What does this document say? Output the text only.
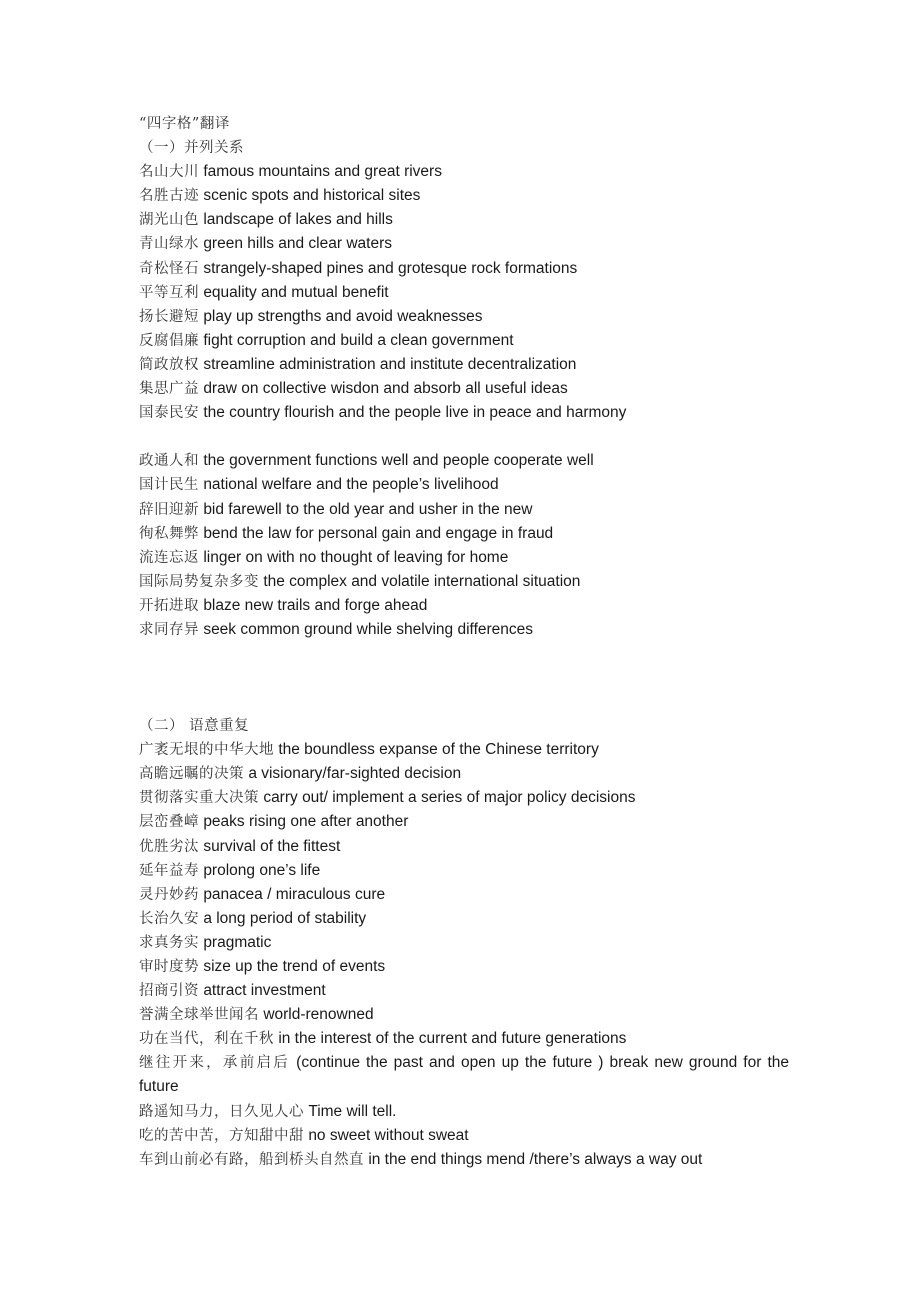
“四字格”翻译
（一）并列关系
名山大川 famous mountains and great rivers
名胜古迹 scenic spots and historical sites
湖光山色 landscape of lakes and hills
青山绿水 green hills and clear waters
奇松怪石 strangely-shaped pines and grotesque rock formations
平等互利 equality and mutual benefit
扬长避短 play up strengths and avoid weaknesses
反腐倡廉 fight corruption and build a clean government
简政放权 streamline administration and institute decentralization
集思广益 draw on collective wisdon and absorb all useful ideas
国泰民安 the country flourish and the people live in peace and harmony
政通人和 the government functions well and people cooperate well
国计民生 national welfare and the people’s livelihood
辞旧迎新 bid farewell to the old year and usher in the new
徇私舞弊 bend the law for personal gain and engage in fraud
流连忘返 linger on with no thought of leaving for home
国际局势复杂多变 the complex and volatile international situation
开拓进取 blaze new trails and forge ahead
求同存异 seek common ground while shelving differences
（二） 语意重复
广袤无垠的中华大地 the boundless expanse of the Chinese territory
高瞻远瞩的决策 a visionary/far-sighted decision
贯彻落实重大决策 carry out/ implement a series of major policy decisions
层峦叠嶂 peaks rising one after another
优胜劣汰 survival of the fittest
延年益寿 prolong one’s life
灵丹妙药 panacea / miraculous cure
长治久安 a long period of stability
求真务实 pragmatic
审时度势 size up the trend of events
招商引资 attract investment
誉满全球举世闻名 world-renowned
功在当代，利在千秋 in the interest of the current and future generations
继往开来，承前启后 (continue the past and open up the future ) break new ground for the future
路遥知马力，日久见人心 Time will tell.
吃的苦中苦，方知甜中甜 no sweet without sweat
车到山前必有路，船到桥头自然直 in the end things mend /there’s always a way out
